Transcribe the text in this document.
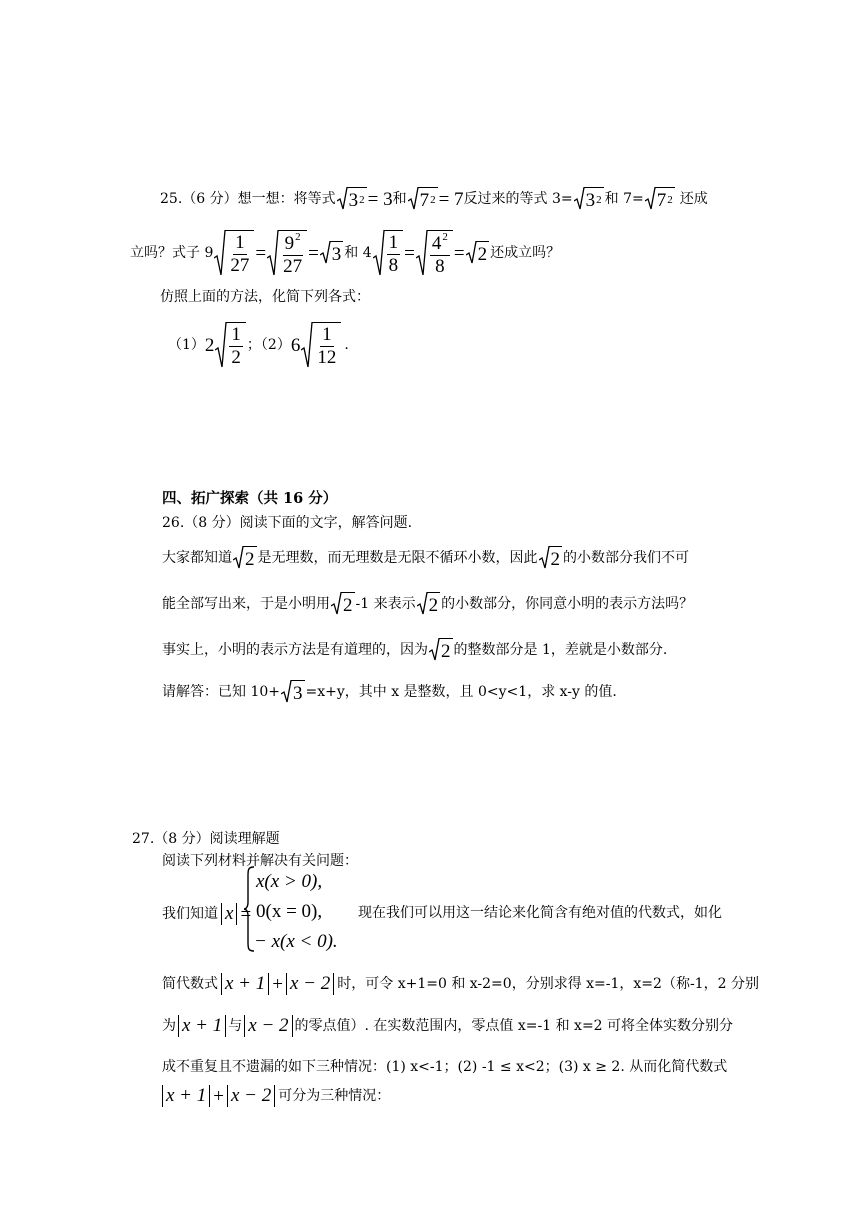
25.（6 分）想一想：将等式 3 2 = 3 和 7 2 = 7 反过来的等式 3= 3 2 和 7= 7 2 还成
立吗？式子 $9 \frac{1}{27} = \frac{9^2}{27} = 3$ 和 $4 \frac{1}{8} = \frac{4^2}{8} = 2$ 还成立吗？
仿照上面的方法，化简下列各式：
（1） $2 \frac{1}{2}$ ；（2） $6 \frac{1}{12}$ .
四、拓广探索（共 16 分）
26.（8 分）阅读下面的文字，解答问题.
大家都知道 2 是无理数，而无理数是无限不循环小数，因此 2 的小数部分我们不可
能全部写出来，于是小明用 2 -1 来表示 2 的小数部分，你同意小明的表示方法吗？
事实上，小明的表示方法是有道理的，因为 2 的整数部分是 1，差就是小数部分.
请解答：已知 10+ 3 =x+y，其中 x 是整数，且 0<y<1，求 x-y 的值.
27.（8 分）阅读理解题
阅读下列材料并解决有关问题：
我们知道 x =
x(x > 0),
0(x = 0),
− x(x < 0).
现在我们可以用这一结论来化简含有绝对值的代数式，如化
简代数式 x + 1 + x − 2 时，可令 x+1=0 和 x-2=0，分别求得 x=-1，x=2（称-1，2 分别
为 x + 1 与 x − 2 的零点值）. 在实数范围内，零点值 x=-1 和 x=2 可将全体实数分别分
成不重复且不遗漏的如下三种情况：(1) x<-1；(2) -1 ≤ x<2；(3) x ≥ 2. 从而化简代数式
x + 1 + x − 2 可分为三种情况：
